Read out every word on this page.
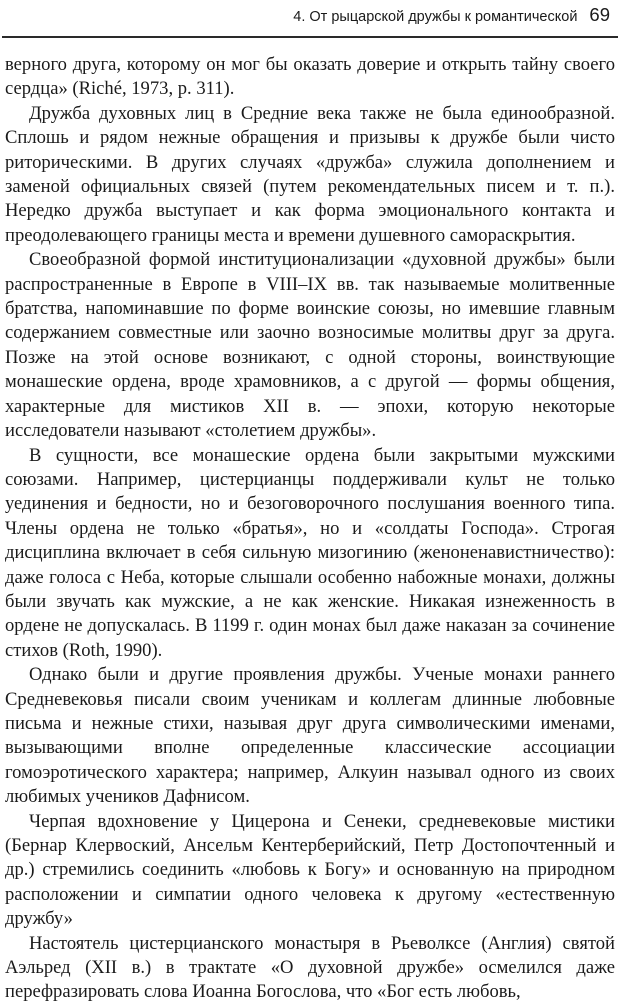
4. От рыцарской дружбы к романтической 69

верного друга, которому он мог бы оказать доверие и открыть тайну своего сердца» (Riché, 1973, p. 311).

Дружба духовных лиц в Средние века также не была единообразной. Сплошь и рядом нежные обращения и призывы к дружбе были чисто риторическими. В других случаях «дружба» служила дополнением и заменой официальных связей (путем рекомендательных писем и т. п.). Нередко дружба выступает и как форма эмоционального контакта и преодолевающего границы места и времени душевного самораскрытия.

Своеобразной формой институционализации «духовной дружбы» были распространенные в Европе в VIII–IX вв. так называемые молитвенные братства, напоминавшие по форме воинские союзы, но имевшие главным содержанием совместные или заочно возносимые молитвы друг за друга. Позже на этой основе возникают, с одной стороны, воинствующие монашеские ордена, вроде храмовников, а с другой — формы общения, характерные для мистиков XII в. — эпохи, которую некоторые исследователи называют «столетием дружбы».

В сущности, все монашеские ордена были закрытыми мужскими союзами. Например, цистерцианцы поддерживали культ не только уединения и бедности, но и безоговорочного послушания военного типа. Члены ордена не только «братья», но и «солдаты Господа». Строгая дисциплина включает в себя сильную мизогинию (женоненавистничество): даже голоса с Неба, которые слышали особенно набожные монахи, должны были звучать как мужские, а не как женские. Никакая изнеженность в ордене не допускалась. В 1199 г. один монах был даже наказан за сочинение стихов (Roth, 1990).

Однако были и другие проявления дружбы. Ученые монахи раннего Средневековья писали своим ученикам и коллегам длинные любовные письма и нежные стихи, называя друг друга символическими именами, вызывающими вполне определенные классические ассоциации гомоэротического характера; например, Алкуин называл одного из своих любимых учеников Дафнисом.

Черпая вдохновение у Цицерона и Сенеки, средневековые мистики (Бернар Клервоский, Ансельм Кентерберийский, Петр Достопочтенный и др.) стремились соединить «любовь к Богу» и основанную на природном расположении и симпатии одного человека к другому «естественную дружбу»

Настоятель цистерцианского монастыря в Рьеволксе (Англия) святой Аэльред (XII в.) в трактате «О духовной дружбе» осмелился даже перефразировать слова Иоанна Богослова, что «Бог есть любовь,
